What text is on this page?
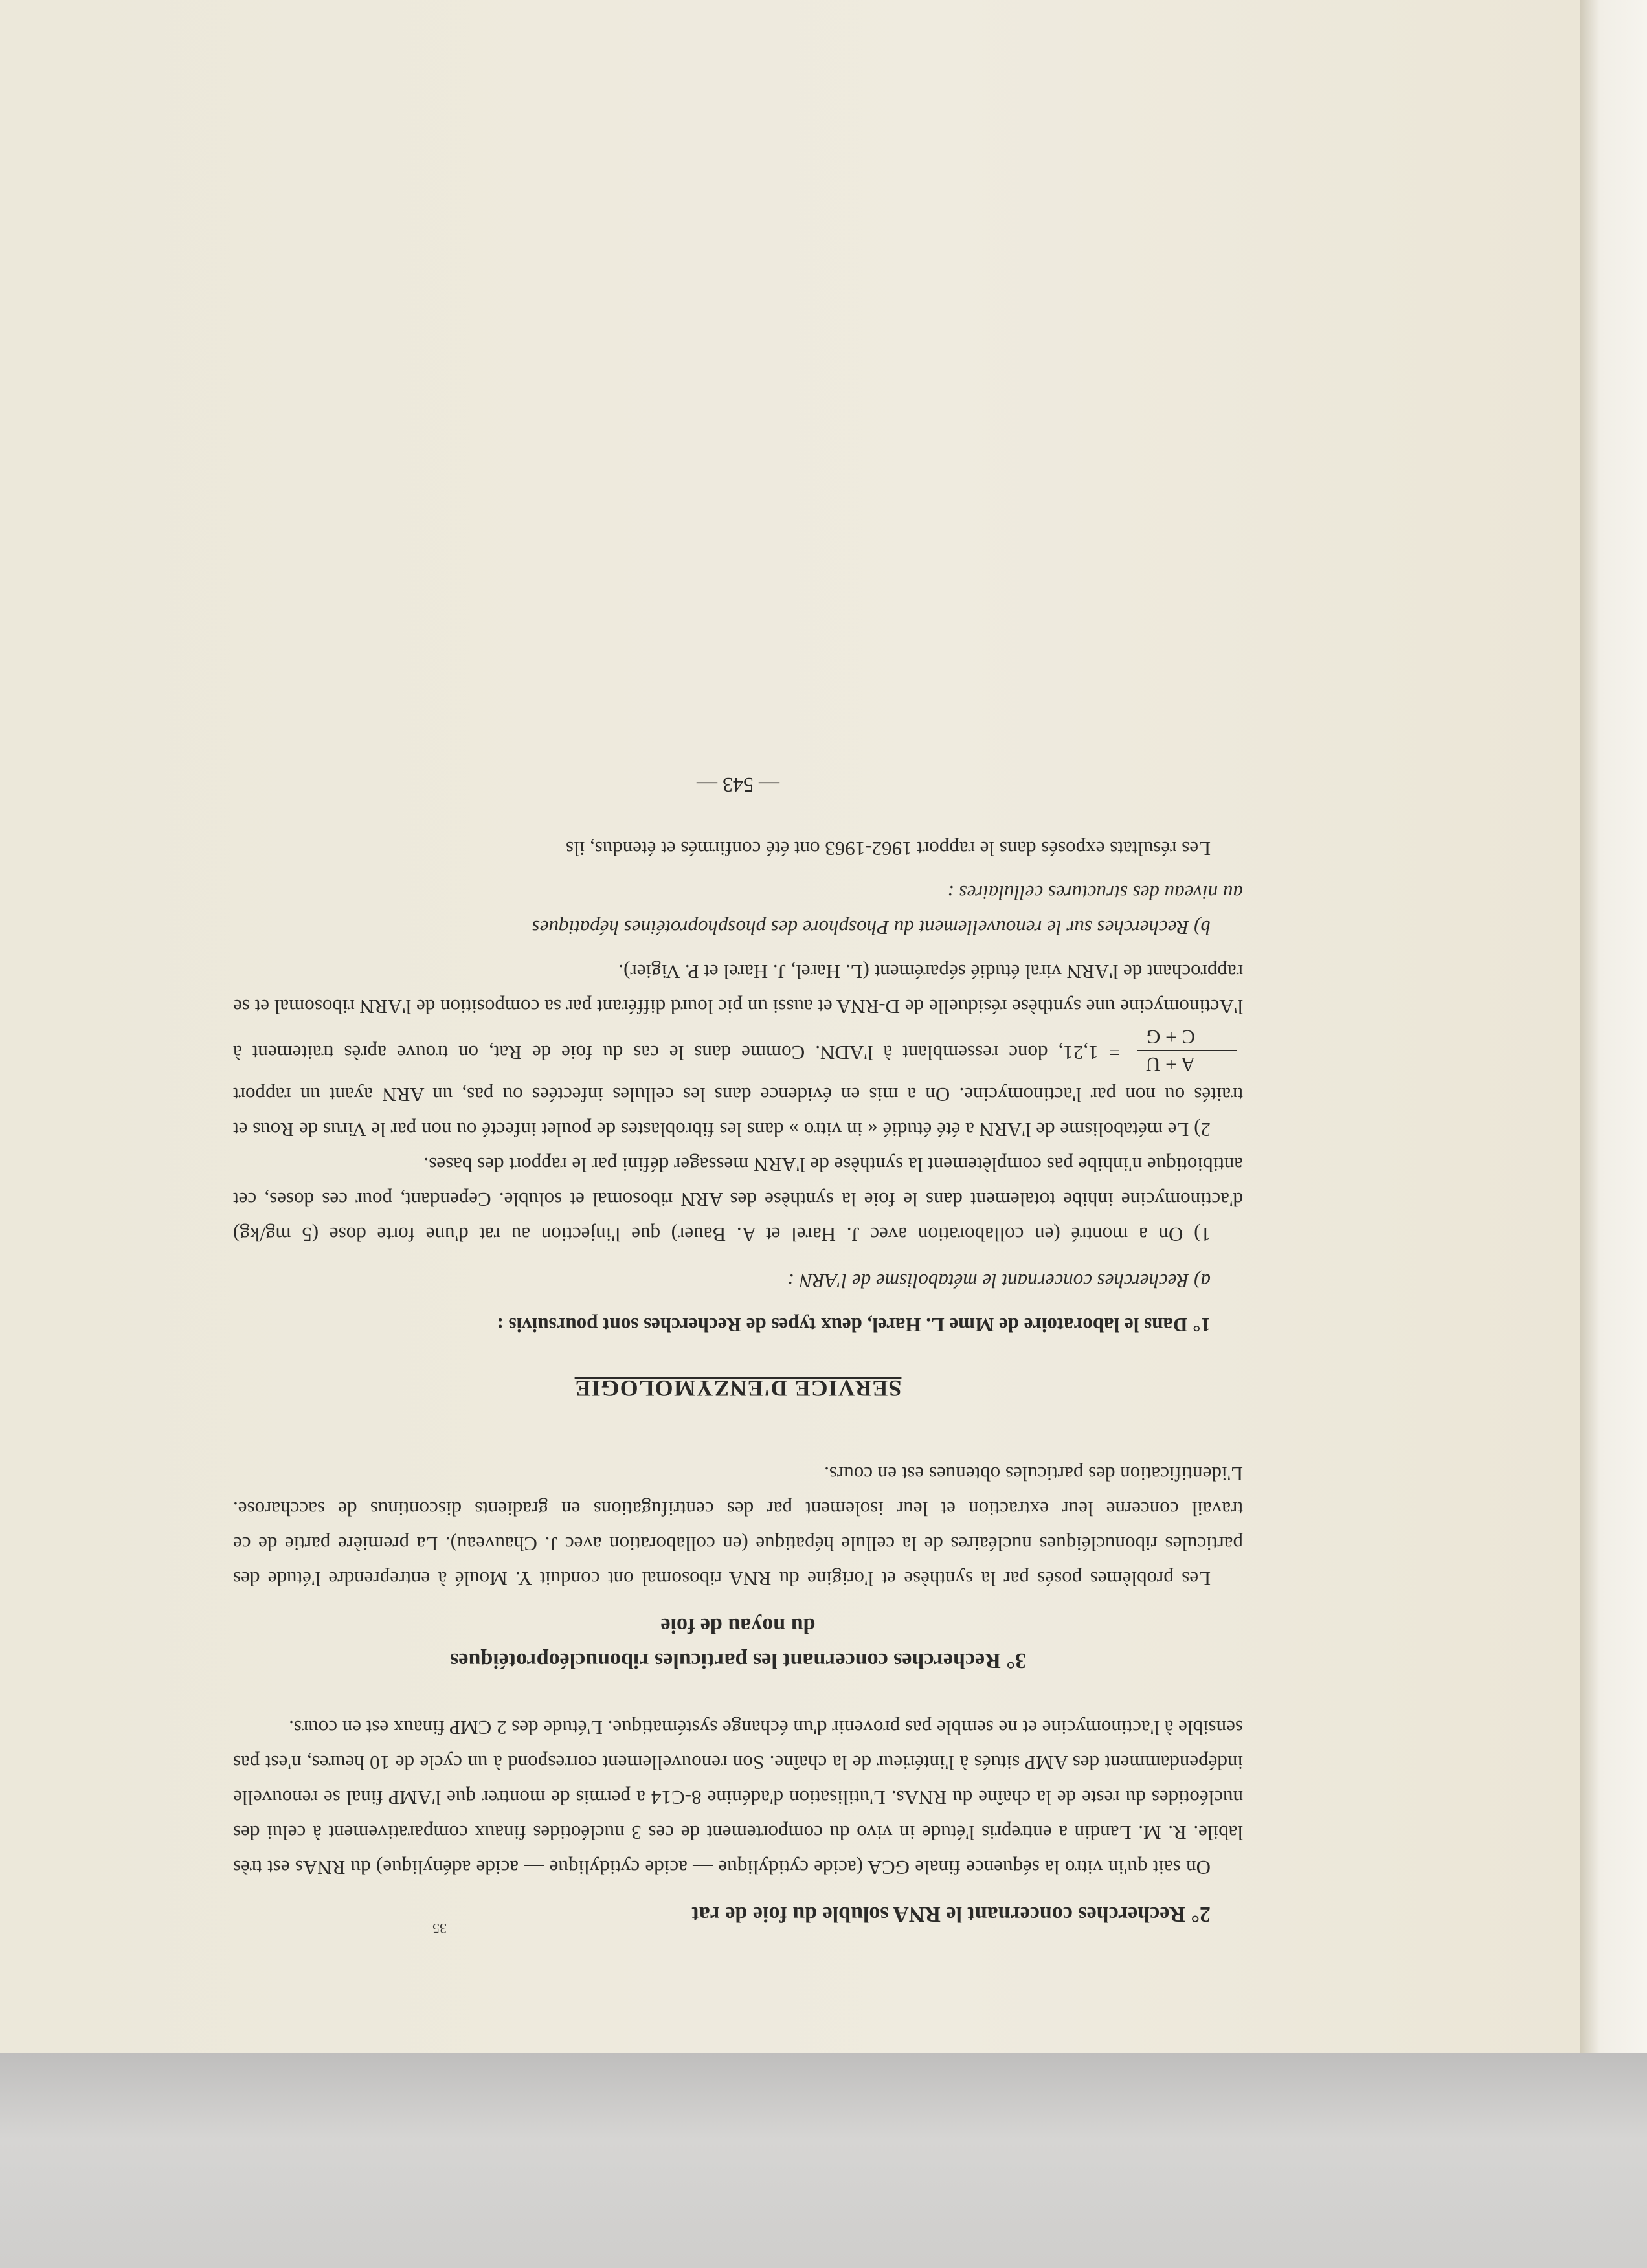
35
2° Recherches concernant le RNA soluble du foie de rat

On sait qu'in vitro la séquence finale GCA (acide cytidylique — acide cytidylique — acide adénylique) du RNAs est très labile. R. M. Landin a entrepris l'étude in vivo du comportement de ces 3 nucléotides finaux comparativement à celui des nucléotides du reste de la chaîne du RNAs. L'utilisation d'adénine 8-C14 a permis de montrer que l'AMP final se renouvelle indépendamment des AMP situés à l'intérieur de la chaîne. Son renouvellement correspond à un cycle de 10 heures, n'est pas sensible à l'actinomycine et ne semble pas provenir d'un échange systématique. L'étude des 2 CMP finaux est en cours.

3° Recherches concernant les particules ribonucléoprotéiques
du noyau de foie

Les problèmes posés par la synthèse et l'origine du RNA ribosomal ont conduit Y. Moulé à entreprendre l'étude des particules ribonucléiques nucléaires de la cellule hépatique (en collaboration avec J. Chauveau). La première partie de ce travail concerne leur extraction et leur isolement par des centrifugations en gradients discontinus de saccharose. L'identification des particules obtenues est en cours.

SERVICE D'ENZYMOLOGIE

1° Dans le laboratoire de Mme L. Harel, deux types de Recherches sont poursuivis :

a) Recherches concernant le métabolisme de l'ARN :

1) On a montré (en collaboration avec J. Harel et A. Bauer) que l'injection au rat d'une forte dose (5 mg/kg) d'actinomycine inhibe totalement dans le foie la synthèse des ARN ribosomal et soluble. Cependant, pour ces doses, cet antibiotique n'inhibe pas complètement la synthèse de l'ARN messager défini par le rapport des bases.

2) Le métabolisme de l'ARN a été étudié « in vitro » dans les fibroblastes de poulet infecté ou non par le Virus de Rous et traités ou non par l'actinomycine. On a mis en évidence dans les cellules infectées ou pas, un ARN ayant un rapport
A + U
C + G
= 1,21, donc ressemblant à l'ADN. Comme dans le cas du foie de Rat, on trouve après traitement à l'Actinomycine une synthèse résiduelle de D-RNA et aussi un pic lourd différant par sa composition de l'ARN ribosomal et se rapprochant de l'ARN viral étudié séparément (L. Harel, J. Harel et P. Vigier).

b) Recherches sur le renouvellement du Phosphore des phosphoprotéines hépatiques
au niveau des structures cellulaires :

Les résultats exposés dans le rapport 1962-1963 ont été confirmés et étendus, ils

— 543 —
